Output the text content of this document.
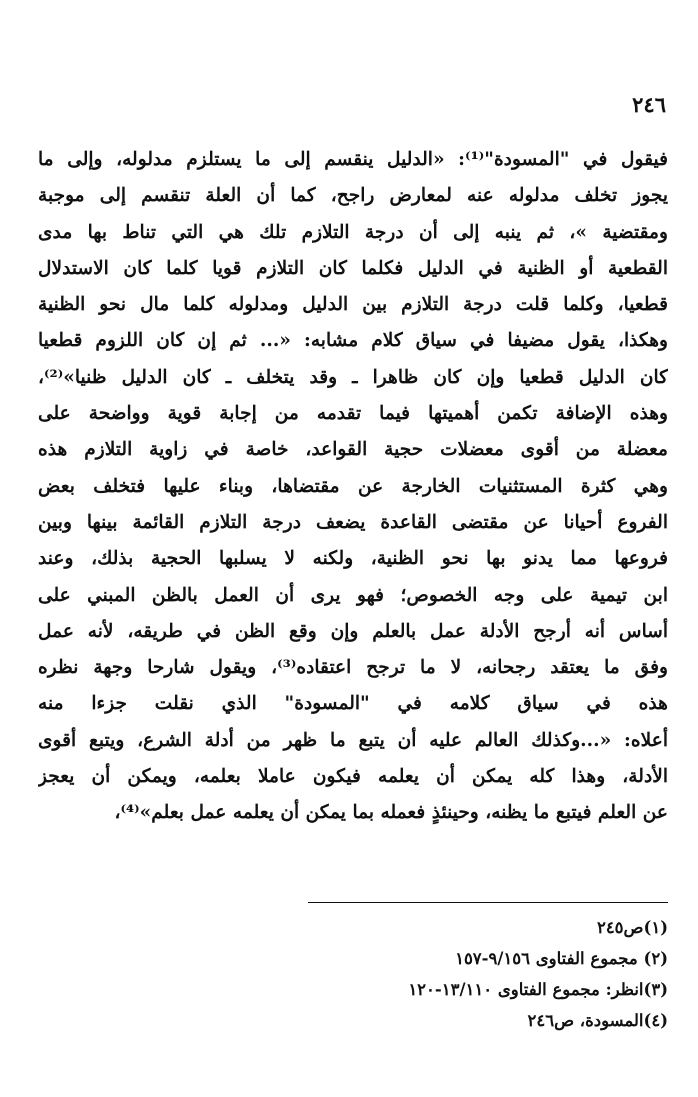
٢٤٦
فيقول في "المسودة"⁽¹⁾: «الدليل ينقسم إلى ما يستلزم مدلوله، وإلى ما
يجوز تخلف مدلوله عنه لمعارض راجح، كما أن العلة تنقسم إلى موجبة
ومقتضية »، ثم ينبه إلى أن درجة التلازم تلك هي التي تناط بها مدى
القطعية أو الظنية في الدليل فكلما كان التلازم قويا كلما كان الاستدلال
قطعيا، وكلما قلت درجة التلازم بين الدليل ومدلوله كلما مال نحو الظنية
وهكذا، يقول مضيفا في سياق كلام مشابه: «... ثم إن كان اللزوم قطعيا
كان الدليل قطعيا وإن كان ظاهرا ـ وقد يتخلف ـ كان الدليل ظنيا»⁽²⁾،
وهذه الإضافة تكمن أهميتها فيما تقدمه من إجابة قوية وواضحة على
معضلة من أقوى معضلات حجية القواعد، خاصة في زاوية التلازم هذه
وهي كثرة المستثنيات الخارجة عن مقتضاها، وبناء عليها فتخلف بعض
الفروع أحيانا عن مقتضى القاعدة يضعف درجة التلازم القائمة بينها وبين
فروعها مما يدنو بها نحو الظنية، ولكنه لا يسلبها الحجية بذلك، وعند
ابن تيمية على وجه الخصوص؛ فهو يرى أن العمل بالظن المبني على
أساس أنه أرجح الأدلة عمل بالعلم وإن وقع الظن في طريقه، لأنه عمل
وفق ما يعتقد رجحانه، لا ما ترجح اعتقاده⁽³⁾، ويقول شارحا وجهة نظره
هذه في سياق كلامه في "المسودة" الذي نقلت جزءا منه
أعلاه: «...وكذلك العالم عليه أن يتبع ما ظهر من أدلة الشرع، ويتبع أقوى
الأدلة، وهذا كله يمكن أن يعلمه فيكون عاملا بعلمه، ويمكن أن يعجز
عن العلم فيتبع ما يظنه، وحينئذٍ فعمله بما يمكن أن يعلمه عمل بعلم»⁽⁴⁾،
(١)ص٢٤٥
(٢) مجموع الفتاوى ٩/١٥٦-١٥٧
(٣)انظر: مجموع الفتاوى ١٣/١١٠-١٢٠
(٤)المسودة، ص٢٤٦
